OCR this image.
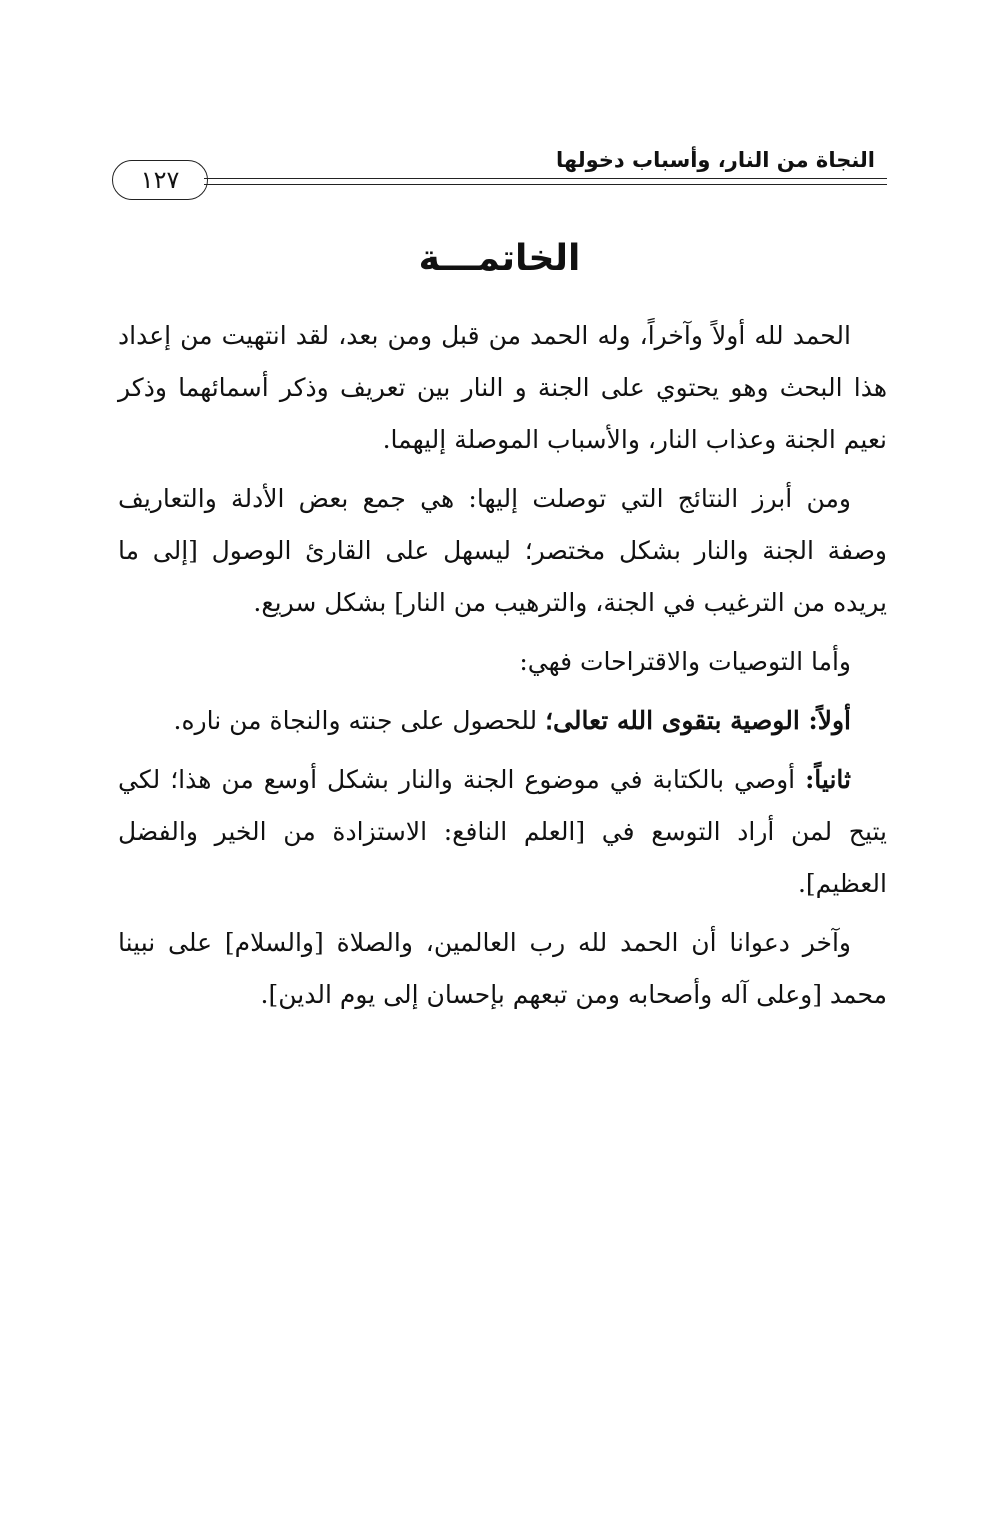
النجاة من النار، وأسباب دخولها
١٢٧
الخاتمـــة

الحمد لله أولاً وآخراً، وله الحمد من قبل ومن بعد، لقد انتهيت من إعداد هذا البحث وهو يحتوي على الجنة و النار بين تعريف وذكر أسمائهما وذكر نعيم الجنة وعذاب النار، والأسباب الموصلة إليهما.

ومن أبرز النتائج التي توصلت إليها: هي جمع بعض الأدلة والتعاريف وصفة الجنة والنار بشكل مختصر؛ ليسهل على القارئ الوصول [إلى ما يريده من الترغيب في الجنة، والترهيب من النار] بشكل سريع.

وأما التوصيات والاقتراحات فهي:

أولاً: الوصية بتقوى الله تعالى؛ للحصول على جنته والنجاة من ناره.

ثانياً: أوصي بالكتابة في موضوع الجنة والنار بشكل أوسع من هذا؛ لكي يتيح لمن أراد التوسع في [العلم النافع: الاستزادة من الخير والفضل العظيم].

وآخر دعوانا أن الحمد لله رب العالمين، والصلاة [والسلام] على نبينا محمد [وعلى آله وأصحابه ومن تبعهم بإحسان إلى يوم الدين].
